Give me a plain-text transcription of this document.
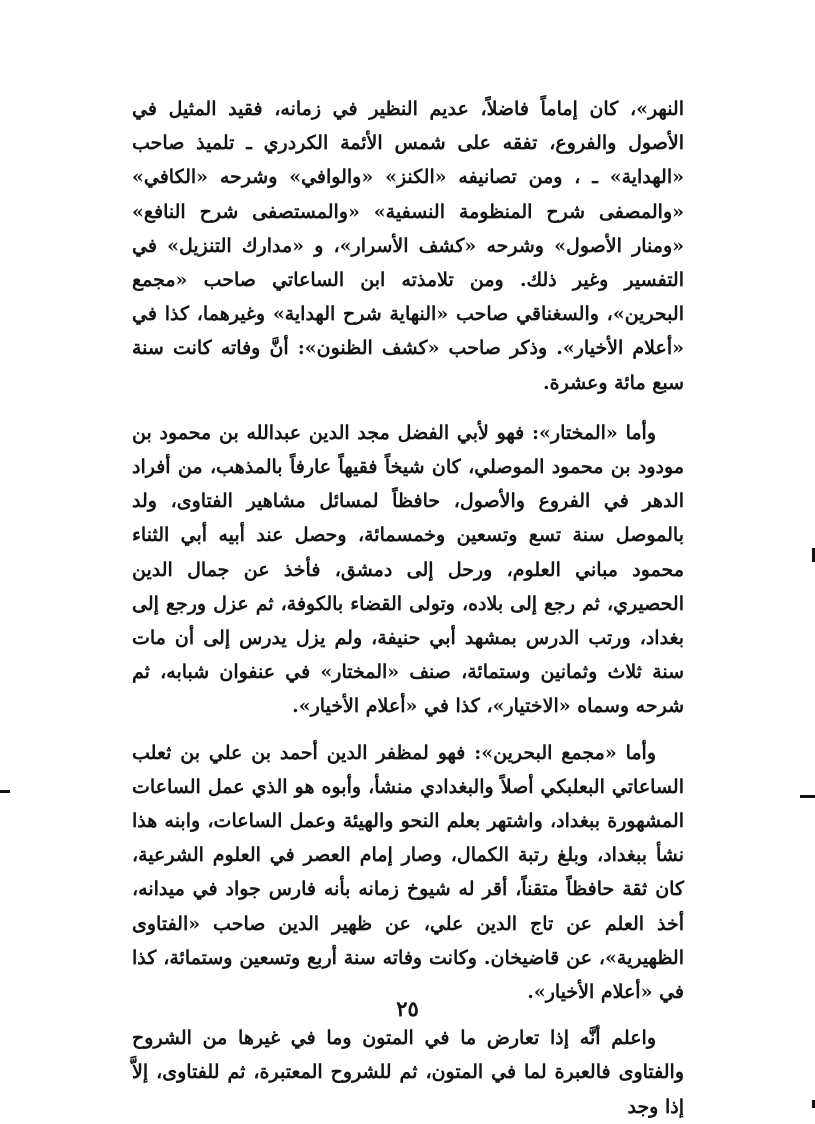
النهر»، كان إماماً فاضلاً، عديم النظير في زمانه، فقيد المثيل في الأصول والفروع، تفقه على شمس الأئمة الكردري ـ تلميذ صاحب «الهداية» ـ ، ومن تصانيفه «الكنز» «والوافي» وشرحه «الكافي» «والمصفى شرح المنظومة النسفية» «والمستصفى شرح النافع» «ومنار الأصول» وشرحه «كشف الأسرار»، و «مدارك التنزيل» في التفسير وغير ذلك. ومن تلامذته ابن الساعاتي صاحب «مجمع البحرين»، والسغناقي صاحب «النهاية شرح الهداية» وغيرهما، كذا في «أعلام الأخيار». وذكر صاحب «كشف الظنون»: أنَّ وفاته كانت سنة سبع مائة وعشرة.

وأما «المختار»: فهو لأبي الفضل مجد الدين عبدالله بن محمود بن مودود بن محمود الموصلي، كان شيخاً فقيهاً عارفاً بالمذهب، من أفراد الدهر في الفروع والأصول، حافظاً لمسائل مشاهير الفتاوى، ولد بالموصل سنة تسع وتسعين وخمسمائة، وحصل عند أبيه أبي الثناء محمود مباني العلوم، ورحل إلى دمشق، فأخذ عن جمال الدين الحصيري، ثم رجع إلى بلاده، وتولى القضاء بالكوفة، ثم عزل ورجع إلى بغداد، ورتب الدرس بمشهد أبي حنيفة، ولم يزل يدرس إلى أن مات سنة ثلاث وثمانين وستمائة، صنف «المختار» في عنفوان شبابه، ثم شرحه وسماه «الاختيار»، كذا في «أعلام الأخيار».

وأما «مجمع البحرين»: فهو لمظفر الدين أحمد بن علي بن ثعلب الساعاتي البعلبكي أصلاً والبغدادي منشأ، وأبوه هو الذي عمل الساعات المشهورة ببغداد، واشتهر بعلم النحو والهيئة وعمل الساعات، وابنه هذا نشأ ببغداد، وبلغ رتبة الكمال، وصار إمام العصر في العلوم الشرعية، كان ثقة حافظاً متقناً، أقر له شيوخ زمانه بأنه فارس جواد في ميدانه، أخذ العلم عن تاج الدين علي، عن ظهير الدين صاحب «الفتاوى الظهيرية»، عن قاضيخان. وكانت وفاته سنة أربع وتسعين وستمائة، كذا في «أعلام الأخيار».

واعلم أنَّه إذا تعارض ما في المتون وما في غيرها من الشروح والفتاوى فالعبرة لما في المتون، ثم للشروح المعتبرة، ثم للفتاوى، إلاَّ إذا وجد

٢٥
